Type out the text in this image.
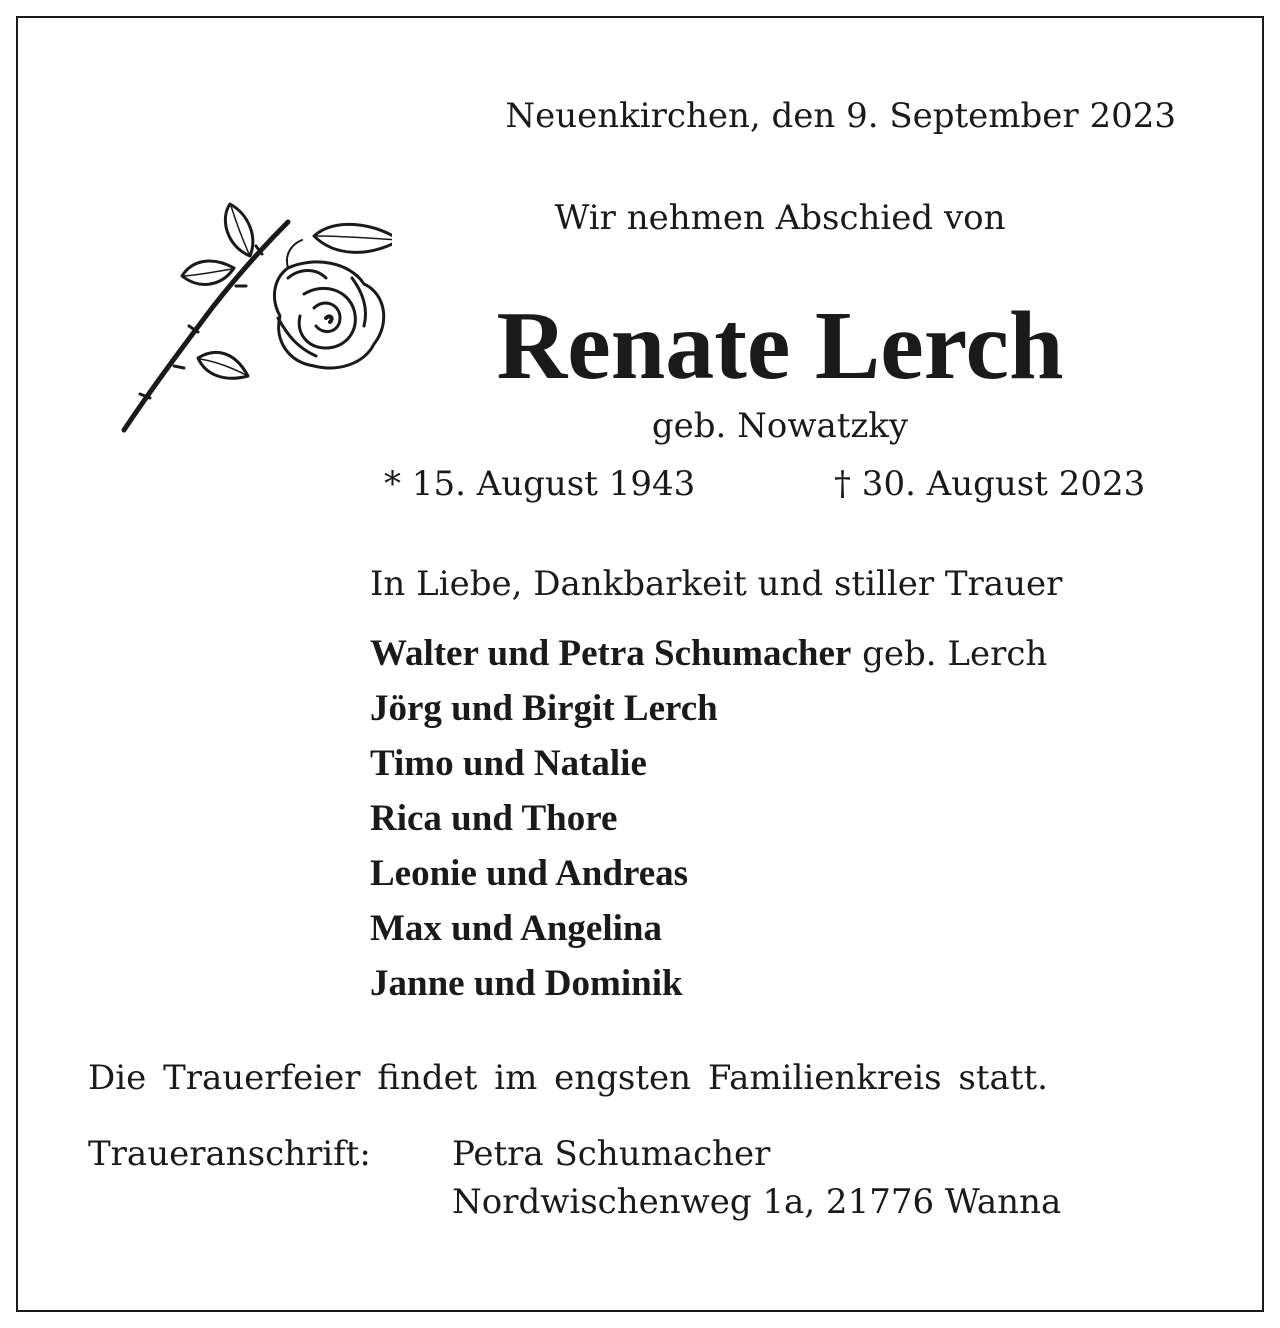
Neuenkirchen, den 9. September 2023
Wir nehmen Abschied von
Renate Lerch
geb. Nowatzky
* 15. August 1943	† 30. August 2023
In Liebe, Dankbarkeit und stiller Trauer
Walter und Petra Schumacher geb. Lerch
Jörg und Birgit Lerch
Timo und Natalie
Rica und Thore
Leonie und Andreas
Max und Angelina
Janne und Dominik
Die Trauerfeier findet im engsten Familienkreis statt.
Traueranschrift: Petra Schumacher
Nordwischenweg 1a, 21776 Wanna
